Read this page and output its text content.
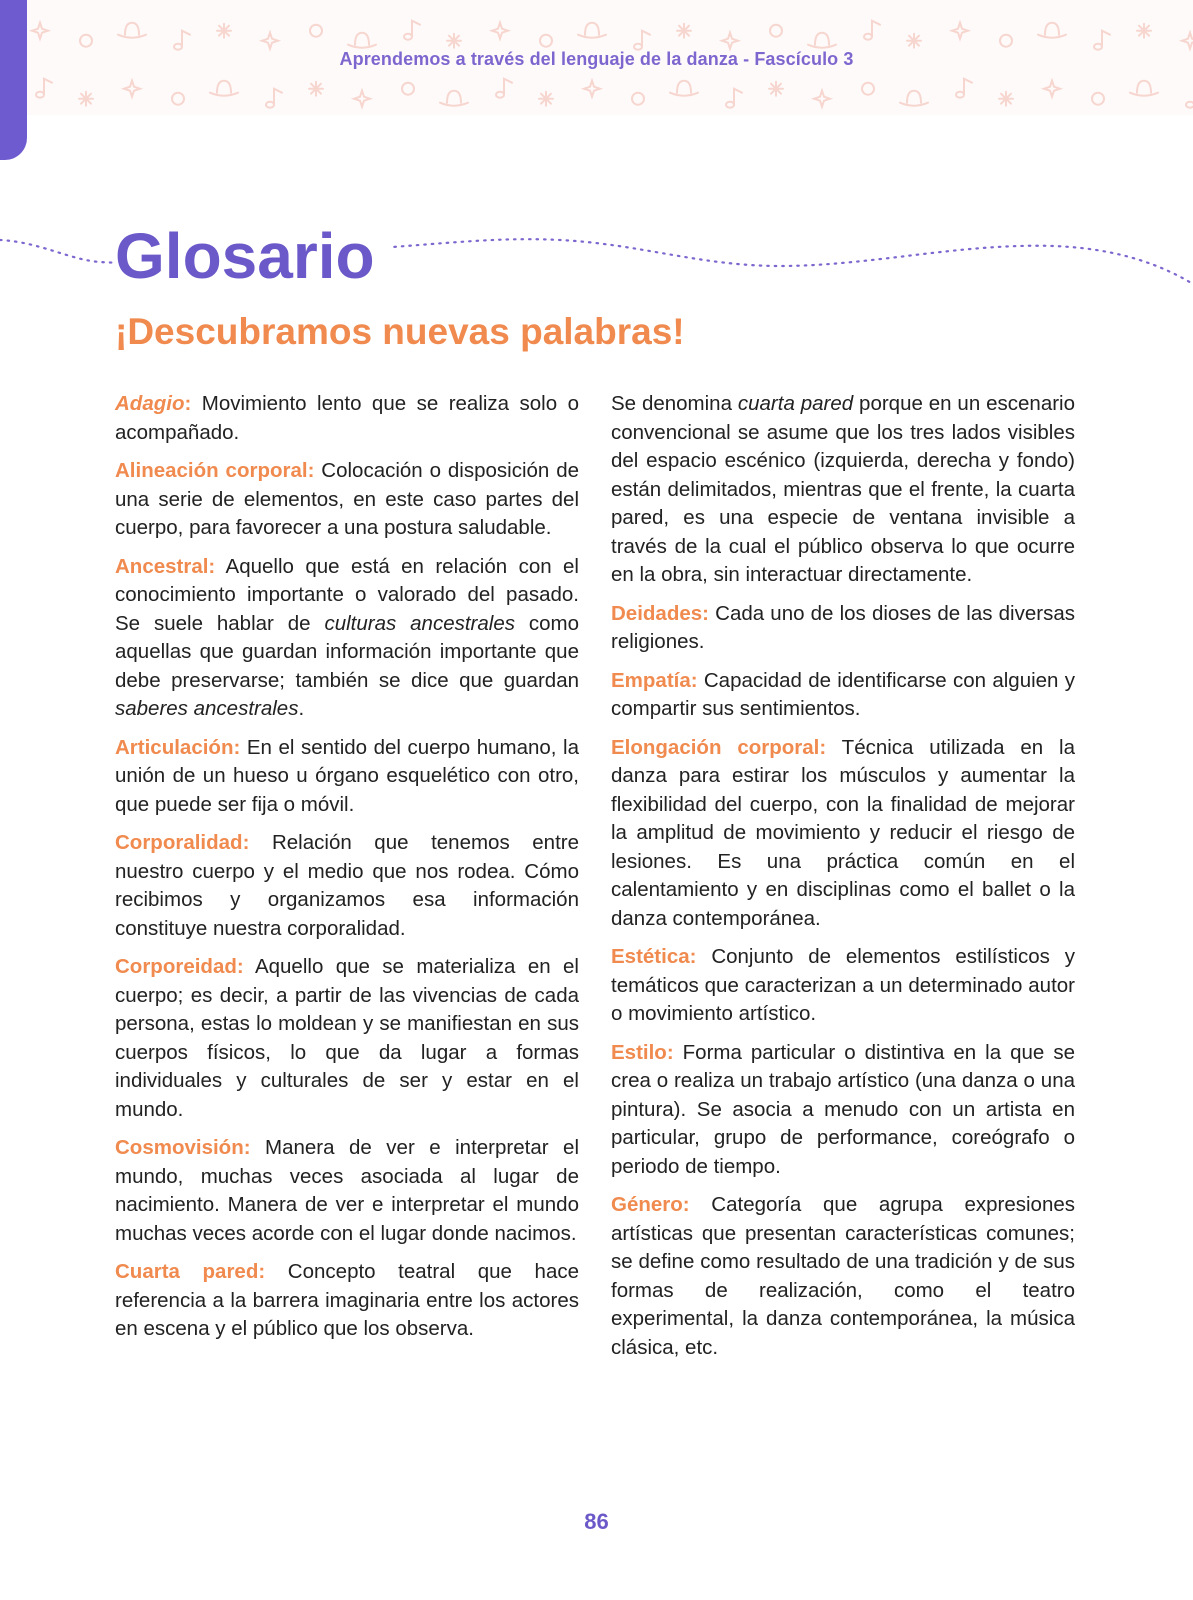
Aprendemos a través del lenguaje de la danza - Fascículo 3
Glosario
¡Descubramos nuevas palabras!

Adagio: Movimiento lento que se realiza solo o acompañado.

Alineación corporal: Colocación o disposición de una serie de elementos, en este caso partes del cuerpo, para favorecer a una postura saludable.

Ancestral: Aquello que está en relación con el conocimiento importante o valorado del pasado. Se suele hablar de culturas ancestrales como aquellas que guardan información importante que debe preservarse; también se dice que guardan saberes ancestrales.

Articulación: En el sentido del cuerpo humano, la unión de un hueso u órgano esquelético con otro, que puede ser fija o móvil.

Corporalidad: Relación que tenemos entre nuestro cuerpo y el medio que nos rodea. Cómo recibimos y organizamos esa información constituye nuestra corporalidad.

Corporeidad: Aquello que se materializa en el cuerpo; es decir, a partir de las vivencias de cada persona, estas lo moldean y se manifiestan en sus cuerpos físicos, lo que da lugar a formas individuales y culturales de ser y estar en el mundo.

Cosmovisión: Manera de ver e interpretar el mundo, muchas veces asociada al lugar de nacimiento. Manera de ver e interpretar el mundo muchas veces acorde con el lugar donde nacimos.

Cuarta pared: Concepto teatral que hace referencia a la barrera imaginaria entre los actores en escena y el público que los observa.

Se denomina cuarta pared porque en un escenario convencional se asume que los tres lados visibles del espacio escénico (izquierda, derecha y fondo) están delimitados, mientras que el frente, la cuarta pared, es una especie de ventana invisible a través de la cual el público observa lo que ocurre en la obra, sin interactuar directamente.

Deidades: Cada uno de los dioses de las diversas religiones.

Empatía: Capacidad de identificarse con alguien y compartir sus sentimientos.

Elongación corporal: Técnica utilizada en la danza para estirar los músculos y aumentar la flexibilidad del cuerpo, con la finalidad de mejorar la amplitud de movimiento y reducir el riesgo de lesiones. Es una práctica común en el calentamiento y en disciplinas como el ballet o la danza contemporánea.

Estética: Conjunto de elementos estilísticos y temáticos que caracterizan a un determinado autor o movimiento artístico.

Estilo: Forma particular o distintiva en la que se crea o realiza un trabajo artístico (una danza o una pintura). Se asocia a menudo con un artista en particular, grupo de performance, coreógrafo o periodo de tiempo.

Género: Categoría que agrupa expresiones artísticas que presentan características comunes; se define como resultado de una tradición y de sus formas de realización, como el teatro experimental, la danza contemporánea, la música clásica, etc.

86
